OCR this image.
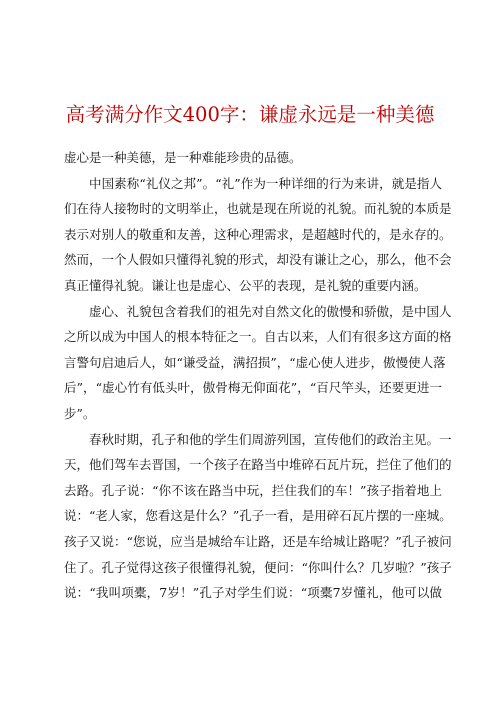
高考满分作文400字：谦虚永远是一种美德
虚心是一种美德，是一种难能珍贵的品德。
中国素称“礼仪之邦”。“礼”作为一种详细的行为来讲，就是指人
们在待人接物时的文明举止，也就是现在所说的礼貌。而礼貌的本质是
表示对别人的敬重和友善，这种心理需求，是超越时代的，是永存的。
然而，一个人假如只懂得礼貌的形式，却没有谦让之心，那么，他不会
真正懂得礼貌。谦让也是虚心、公平的表现，是礼貌的重要内涵。
虚心、礼貌包含着我们的祖先对自然文化的傲慢和骄傲，是中国人
之所以成为中国人的根本特征之一。自古以来，人们有很多这方面的格
言警句启迪后人，如“谦受益，满招损”，“虚心使人进步，傲慢使人落
后”，“虚心竹有低头叶，傲骨梅无仰面花”，“百尺竿头，还要更进一
步”。
春秋时期，孔子和他的学生们周游列国，宣传他们的政治主见。一
天，他们驾车去晋国，一个孩子在路当中堆碎石瓦片玩，拦住了他们的
去路。孔子说：“你不该在路当中玩，拦住我们的车！”孩子指着地上
说：“老人家，您看这是什么？”孔子一看，是用碎石瓦片摆的一座城。
孩子又说：“您说，应当是城给车让路，还是车给城让路呢？”孔子被问
住了。孔子觉得这孩子很懂得礼貌，便问：“你叫什么？几岁啦？”孩子
说：“我叫项橐，7岁！”孔子对学生们说：“项橐7岁懂礼，他可以做
